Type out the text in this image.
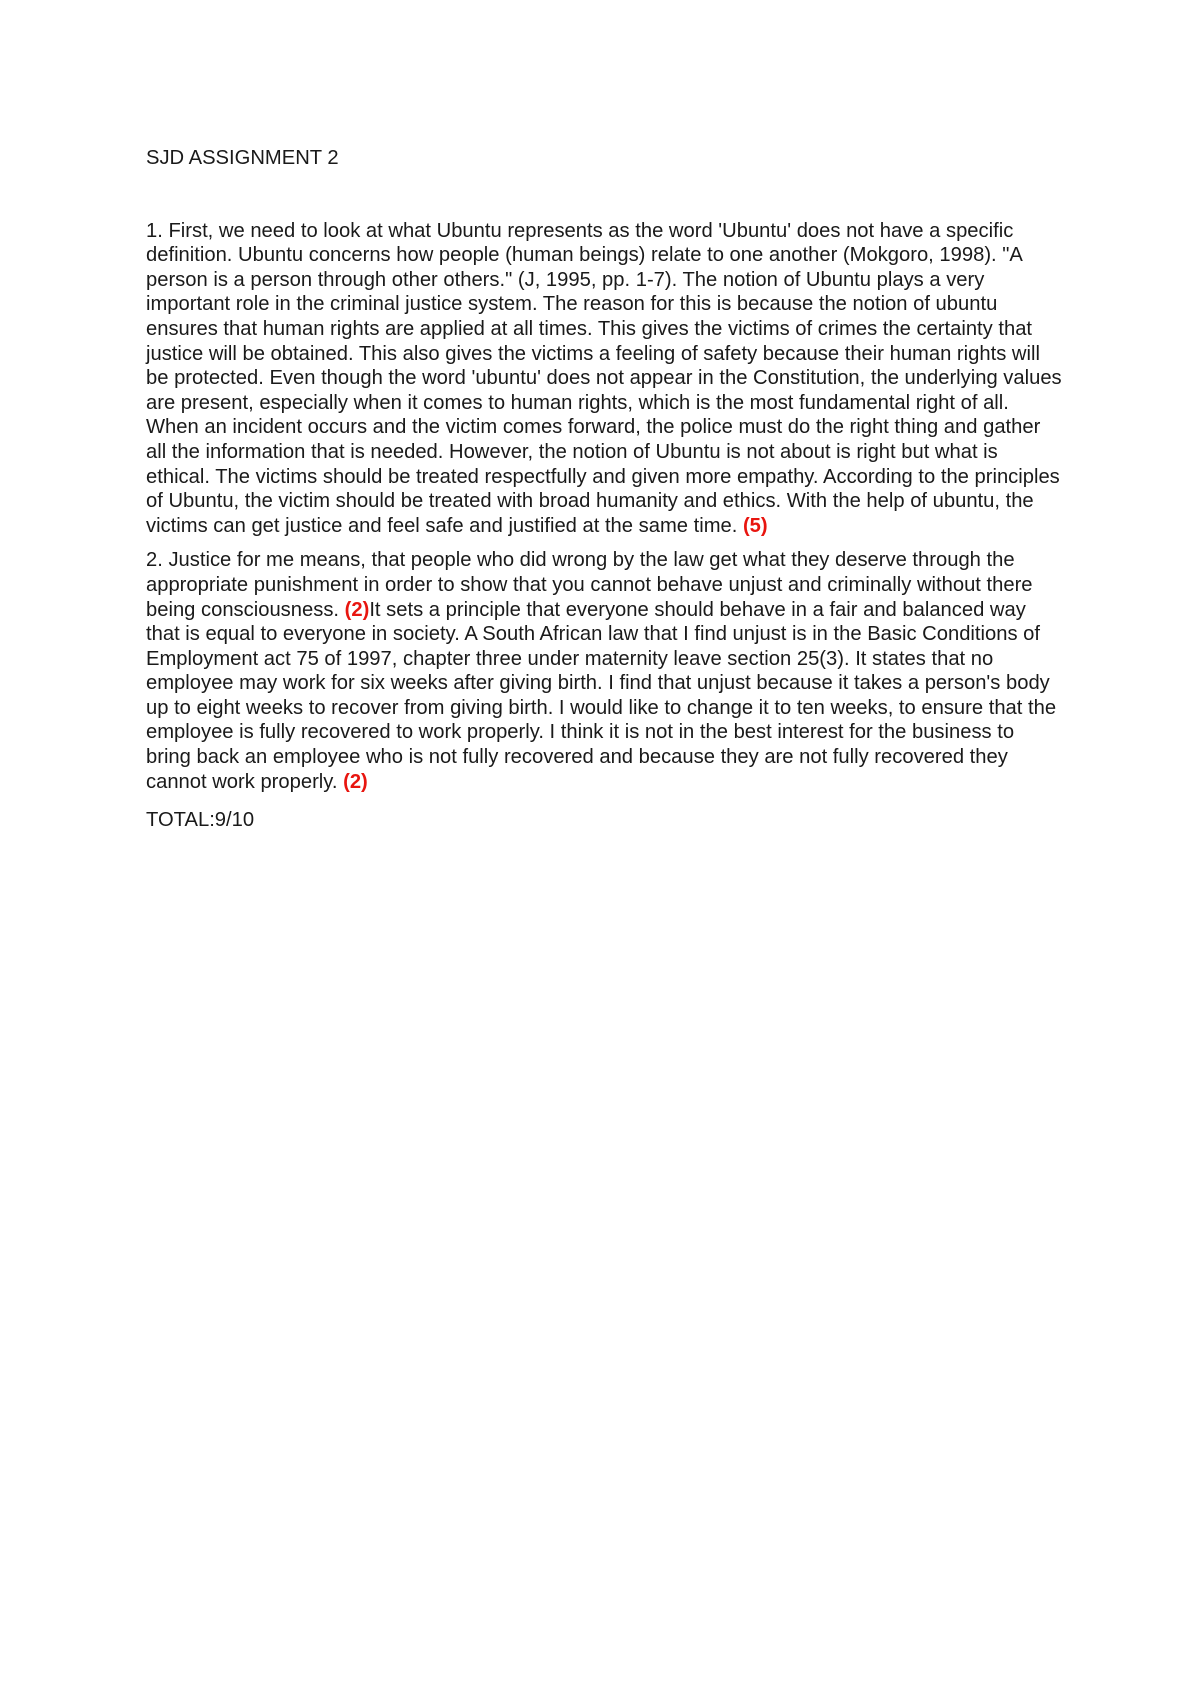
SJD ASSIGNMENT 2

1. First, we need to look at what Ubuntu represents as the word 'Ubuntu' does not have a specific definition. Ubuntu concerns how people (human beings) relate to one another (Mokgoro, 1998). "A person is a person through other others." (J, 1995, pp. 1-7). The notion of Ubuntu plays a very important role in the criminal justice system. The reason for this is because the notion of ubuntu ensures that human rights are applied at all times. This gives the victims of crimes the certainty that justice will be obtained. This also gives the victims a feeling of safety because their human rights will be protected. Even though the word 'ubuntu' does not appear in the Constitution, the underlying values are present, especially when it comes to human rights, which is the most fundamental right of all. When an incident occurs and the victim comes forward, the police must do the right thing and gather all the information that is needed. However, the notion of Ubuntu is not about is right but what is ethical. The victims should be treated respectfully and given more empathy. According to the principles of Ubuntu, the victim should be treated with broad humanity and ethics. With the help of ubuntu, the victims can get justice and feel safe and justified at the same time. (5)

2. Justice for me means, that people who did wrong by the law get what they deserve through the appropriate punishment in order to show that you cannot behave unjust and criminally without there being consciousness. (2)It sets a principle that everyone should behave in a fair and balanced way that is equal to everyone in society. A South African law that I find unjust is in the Basic Conditions of Employment act 75 of 1997, chapter three under maternity leave section 25(3). It states that no employee may work for six weeks after giving birth. I find that unjust because it takes a person's body up to eight weeks to recover from giving birth. I would like to change it to ten weeks, to ensure that the employee is fully recovered to work properly. I think it is not in the best interest for the business to bring back an employee who is not fully recovered and because they are not fully recovered they cannot work properly. (2)

TOTAL:9/10
